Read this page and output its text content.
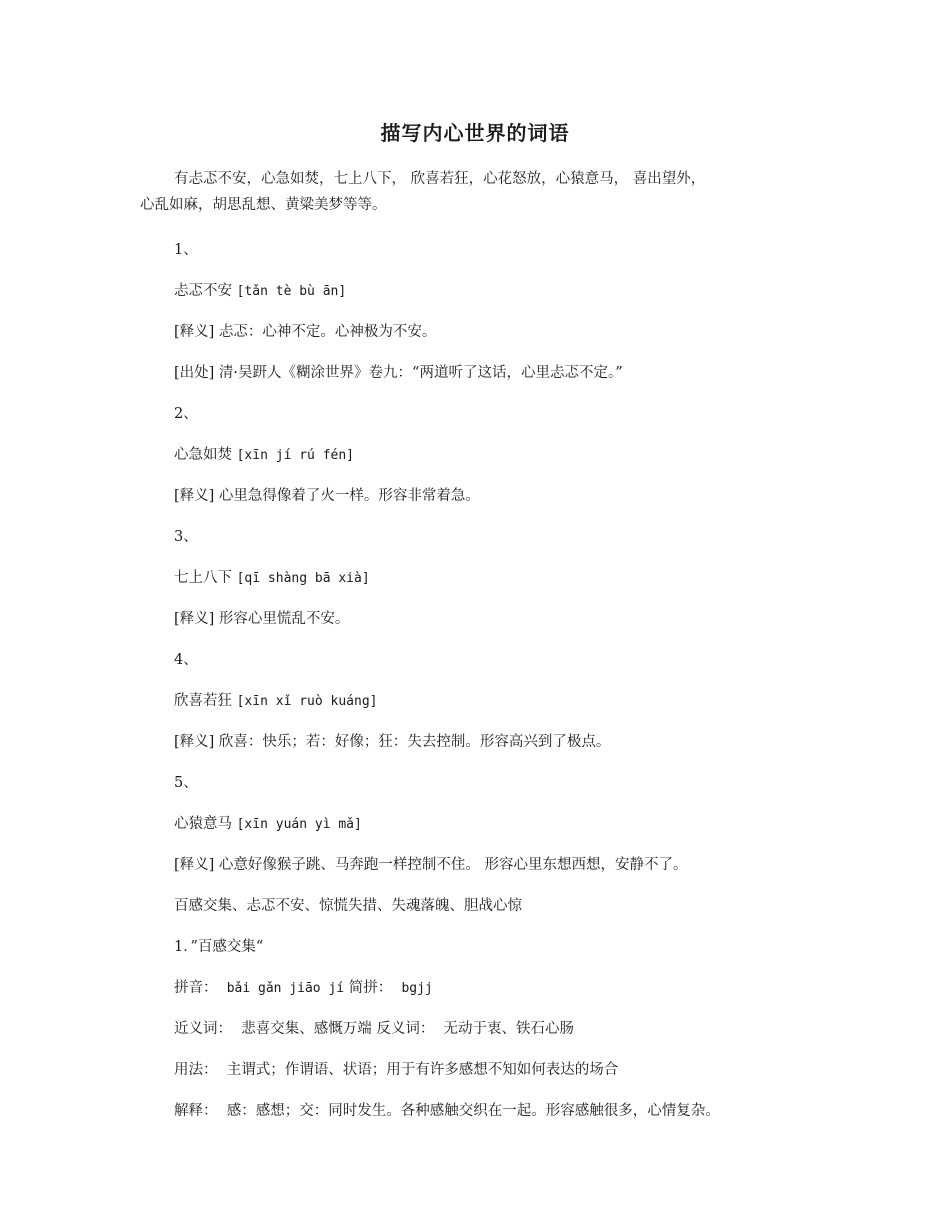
描写内心世界的词语
有忐忑不安，心急如焚，七上八下， 欣喜若狂，心花怒放，心猿意马， 喜出望外，
心乱如麻，胡思乱想、黄粱美梦等等。
1、
忐忑不安 [tǎn tè bù ān]
[释义] 忐忑：心神不定。心神极为不安。
[出处] 清·吴趼人《糊涂世界》卷九：“两道听了这话，心里忐忑不定。”
2、
心急如焚 [xīn jí rú fén]
[释义] 心里急得像着了火一样。形容非常着急。
3、
七上八下 [qī shàng bā xià]
[释义] 形容心里慌乱不安。
4、
欣喜若狂 [xīn xǐ ruò kuáng]
[释义] 欣喜：快乐；若：好像；狂：失去控制。形容高兴到了极点。
5、
心猿意马 [xīn yuán yì mǎ]
[释义] 心意好像猴子跳、马奔跑一样控制不住。 形容心里东想西想，安静不了。
百感交集、忐忑不安、惊慌失措、失魂落魄、胆战心惊
1．”百感交集“
拼音： bǎi gǎn jiāo jí 简拼： bgjj
近义词： 悲喜交集、感慨万端 反义词： 无动于衷、铁石心肠
用法： 主谓式；作谓语、状语；用于有许多感想不知如何表达的场合
解释： 感：感想；交：同时发生。各种感触交织在一起。形容感触很多，心情复杂。
